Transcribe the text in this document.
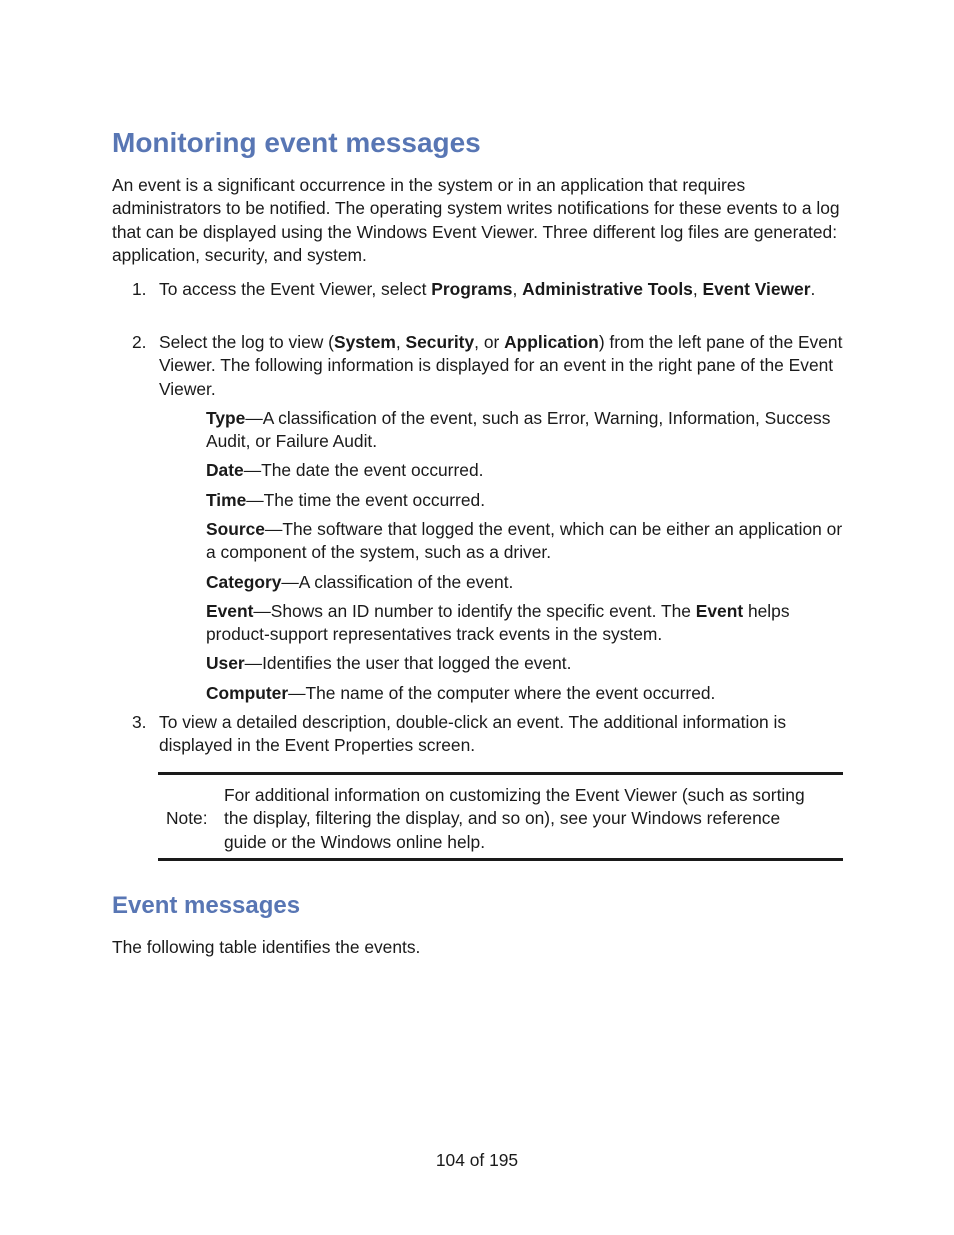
Monitoring event messages

An event is a significant occurrence in the system or in an application that requires administrators to be notified. The operating system writes notifications for these events to a log that can be displayed using the Windows Event Viewer. Three different log files are generated: application, security, and system.

1. To access the Event Viewer, select Programs, Administrative Tools, Event Viewer.
2. Select the log to view (System, Security, or Application) from the left pane of the Event Viewer. The following information is displayed for an event in the right pane of the Event Viewer.
Type—A classification of the event, such as Error, Warning, Information, Success Audit, or Failure Audit.
Date—The date the event occurred.
Time—The time the event occurred.
Source—The software that logged the event, which can be either an application or a component of the system, such as a driver.
Category—A classification of the event.
Event—Shows an ID number to identify the specific event. The Event helps product-support representatives track events in the system.
User—Identifies the user that logged the event.
Computer—The name of the computer where the event occurred.
3. To view a detailed description, double-click an event. The additional information is displayed in the Event Properties screen.
Note:
For additional information on customizing the Event Viewer (such as sorting the display, filtering the display, and so on), see your Windows reference guide or the Windows online help.
Event messages

The following table identifies the events.

104 of 195
